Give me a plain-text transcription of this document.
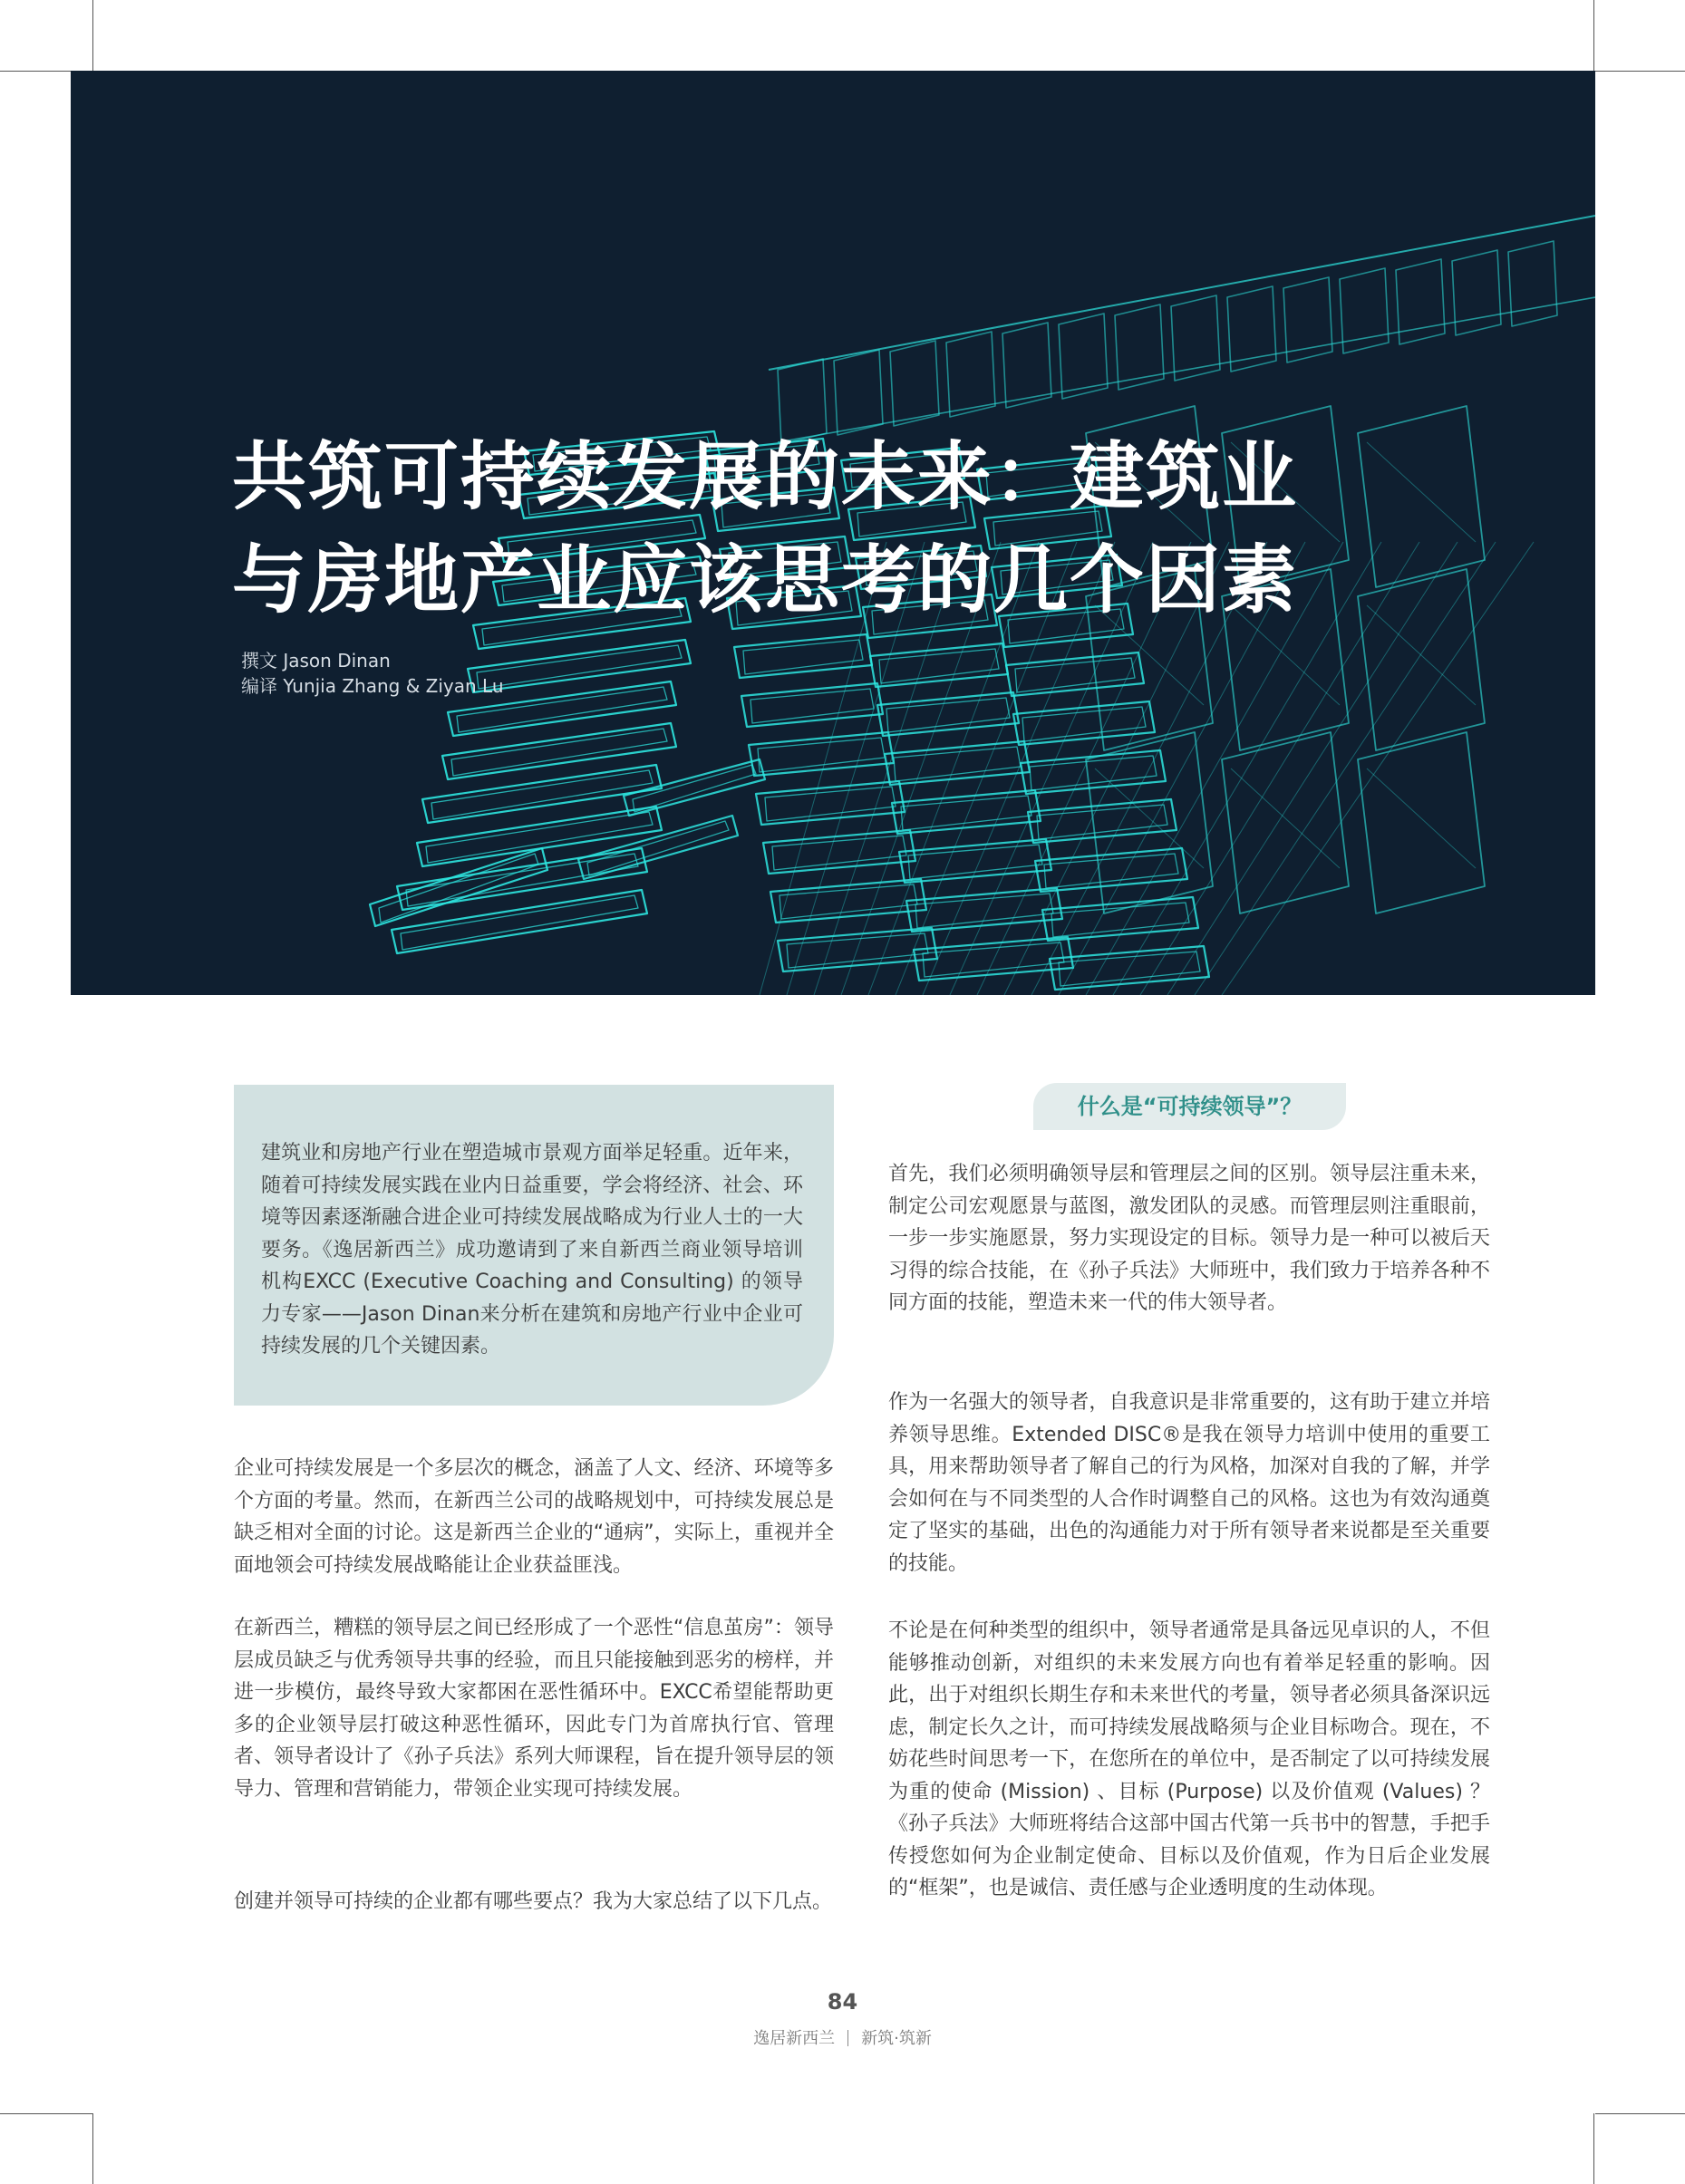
共筑可持续发展的未来：建筑业
与房地产业应该思考的几个因素
撰文 Jason Dinan
编译 Yunjia Zhang & Ziyan Lu

建筑业和房地产行业在塑造城市景观方面举足轻重。近年来，随着可持续发展实践在业内日益重要，学会将经济、社会、环境等因素逐渐融合进企业可持续发展战略成为行业人士的一大要务。《逸居新西兰》成功邀请到了来自新西兰商业领导培训机构EXCC (Executive Coaching and Consulting) 的领导力专家——Jason Dinan来分析在建筑和房地产行业中企业可持续发展的几个关键因素。

企业可持续发展是一个多层次的概念，涵盖了人文、经济、环境等多个方面的考量。然而，在新西兰公司的战略规划中，可持续发展总是缺乏相对全面的讨论。这是新西兰企业的“通病”，实际上，重视并全面地领会可持续发展战略能让企业获益匪浅。

在新西兰，糟糕的领导层之间已经形成了一个恶性“信息茧房”：领导层成员缺乏与优秀领导共事的经验，而且只能接触到恶劣的榜样，并进一步模仿，最终导致大家都困在恶性循环中。EXCC希望能帮助更多的企业领导层打破这种恶性循环，因此专门为首席执行官、管理者、领导者设计了《孙子兵法》系列大师课程，旨在提升领导层的领导力、管理和营销能力，带领企业实现可持续发展。

创建并领导可持续的企业都有哪些要点？我为大家总结了以下几点。

什么是“可持续领导”？

首先，我们必须明确领导层和管理层之间的区别。领导层注重未来，制定公司宏观愿景与蓝图，激发团队的灵感。而管理层则注重眼前，一步一步实施愿景，努力实现设定的目标。领导力是一种可以被后天习得的综合技能，在《孙子兵法》大师班中，我们致力于培养各种不同方面的技能，塑造未来一代的伟大领导者。

作为一名强大的领导者，自我意识是非常重要的，这有助于建立并培养领导思维。Extended DISC®是我在领导力培训中使用的重要工具，用来帮助领导者了解自己的行为风格，加深对自我的了解，并学会如何在与不同类型的人合作时调整自己的风格。这也为有效沟通奠定了坚实的基础，出色的沟通能力对于所有领导者来说都是至关重要的技能。

不论是在何种类型的组织中，领导者通常是具备远见卓识的人，不但能够推动创新，对组织的未来发展方向也有着举足轻重的影响。因此，出于对组织长期生存和未来世代的考量，领导者必须具备深识远虑，制定长久之计，而可持续发展战略须与企业目标吻合。现在，不妨花些时间思考一下，在您所在的单位中，是否制定了以可持续发展为重的使命 (Mission) 、目标 (Purpose) 以及价值观 (Values) ？《孙子兵法》大师班将结合这部中国古代第一兵书中的智慧，手把手传授您如何为企业制定使命、目标以及价值观，作为日后企业发展的“框架”，也是诚信、责任感与企业透明度的生动体现。

84
逸居新西兰 新筑·筑新
